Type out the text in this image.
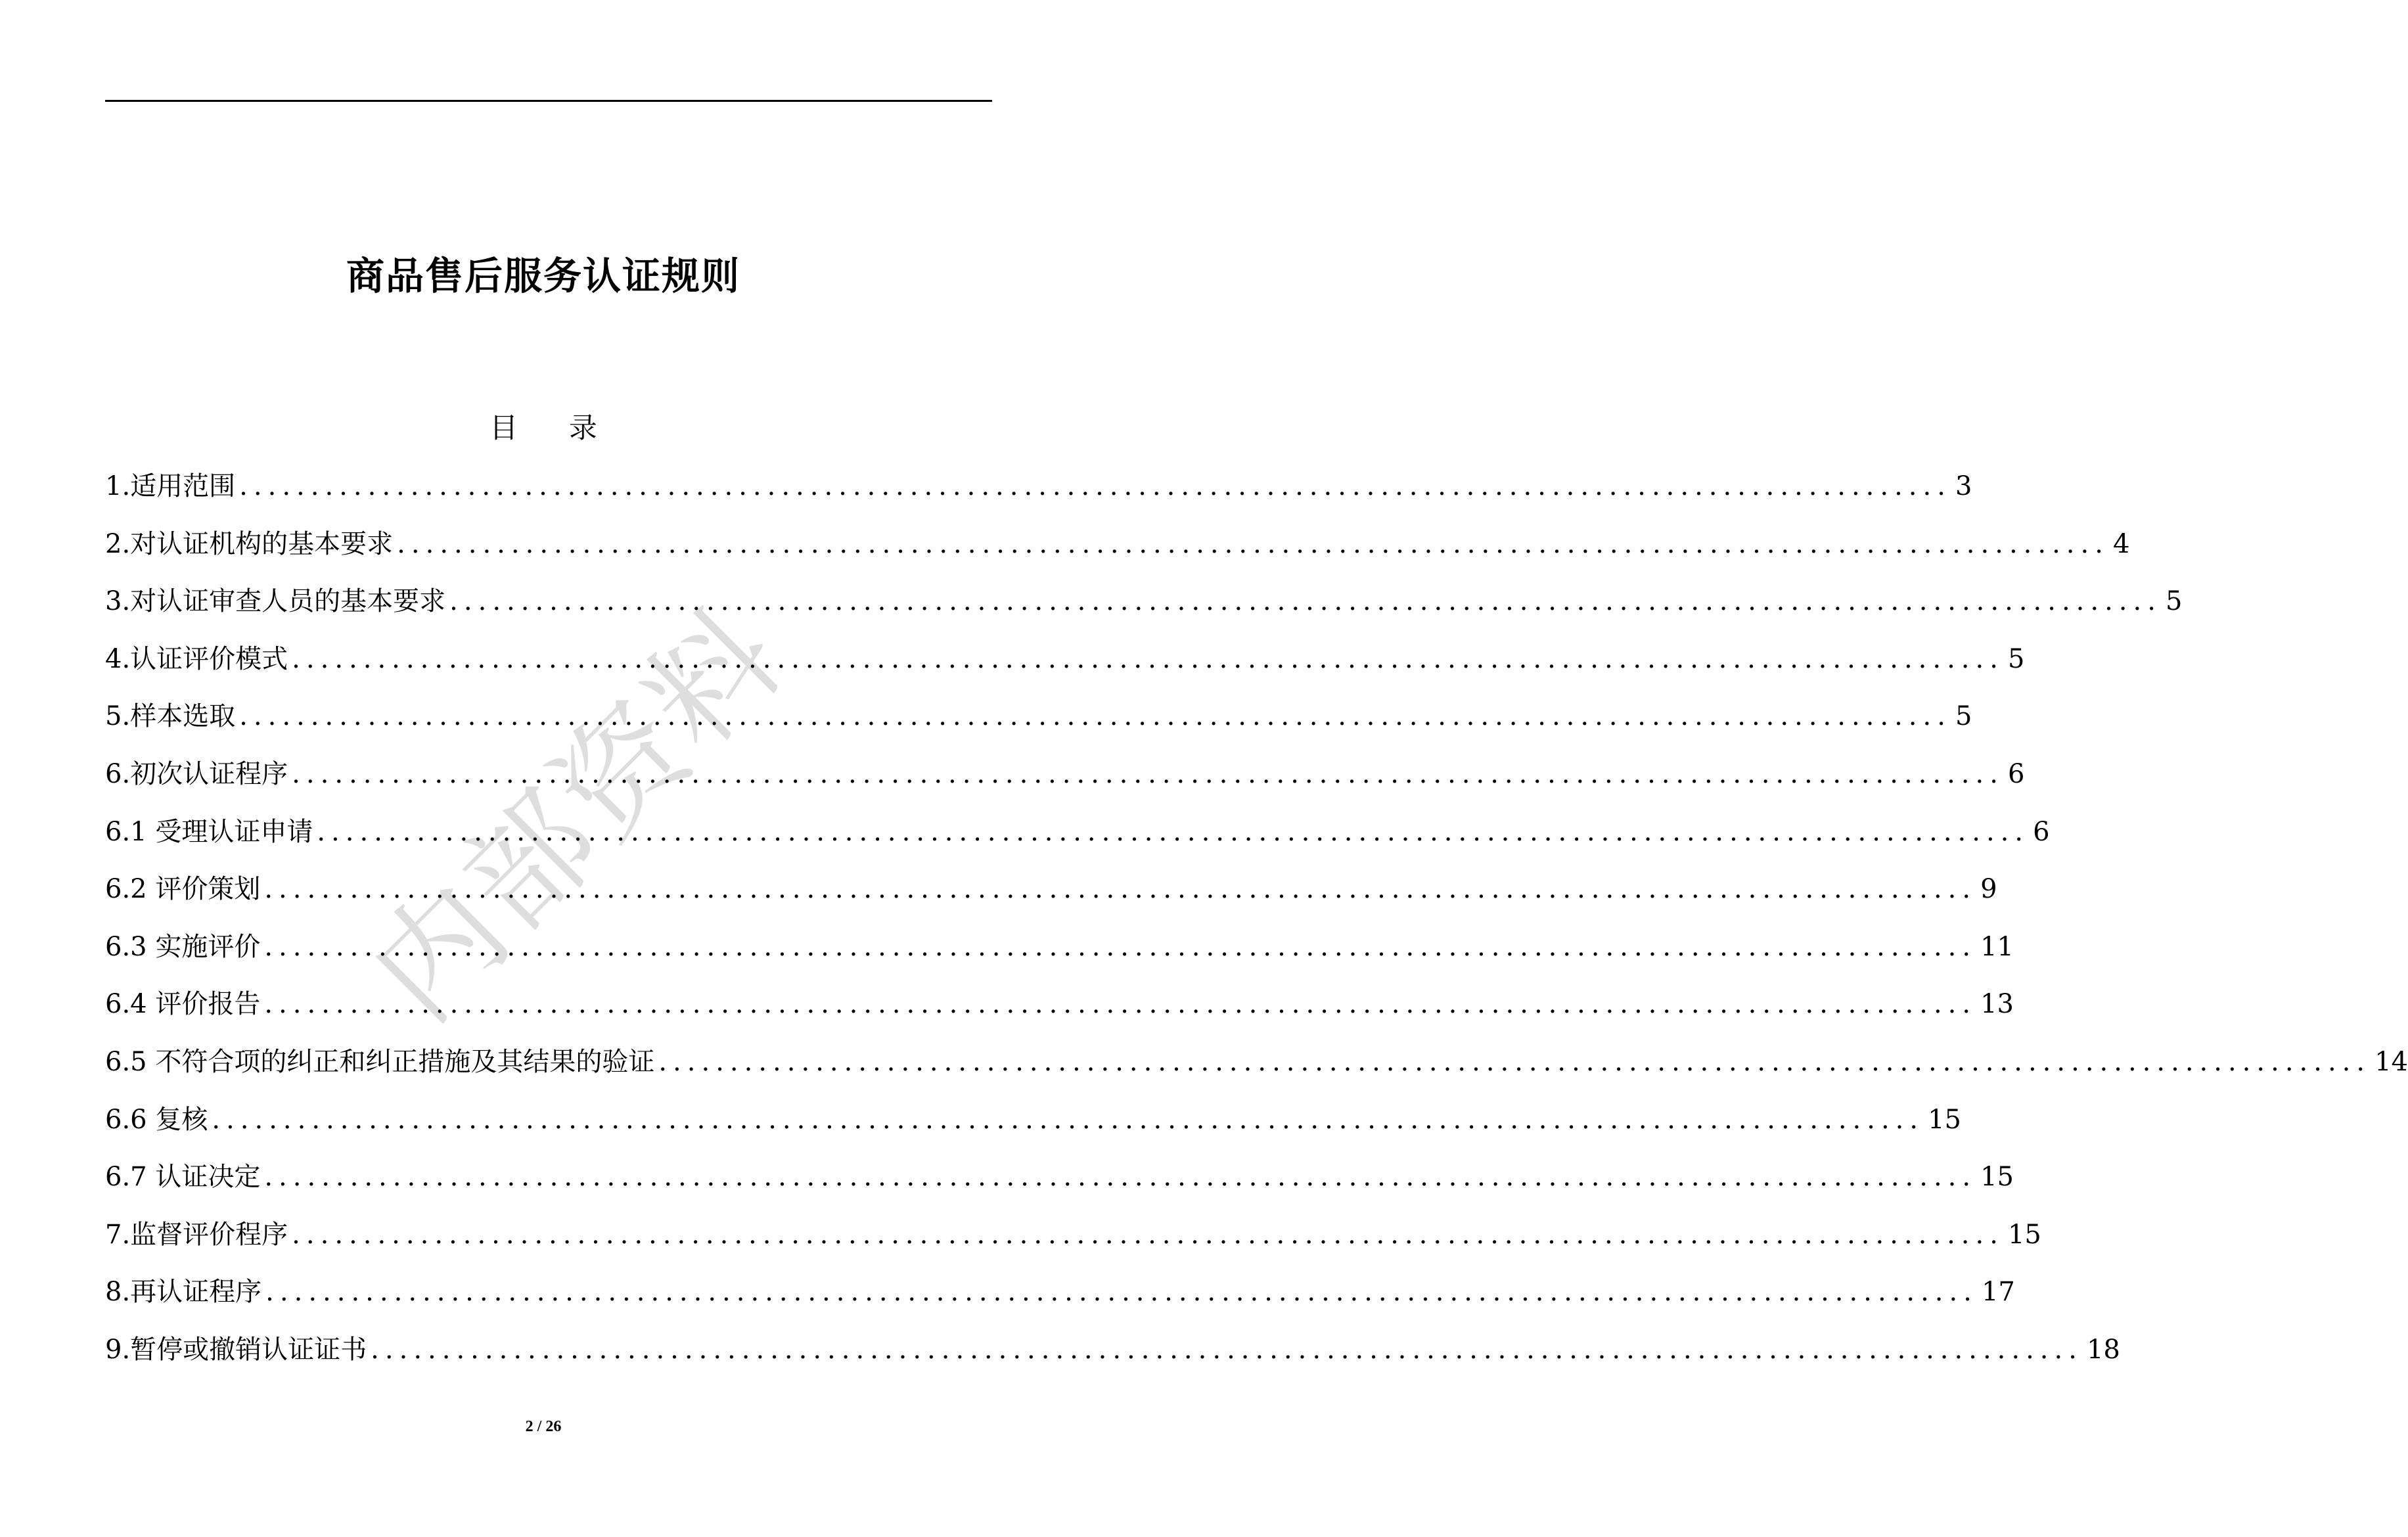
商品售后服务认证规则
目 录
1.适用范围 ........................................................................................................................ 3
2.对认证机构的基本要求 ........................................................................................................................ 4
3.对认证审查人员的基本要求 ........................................................................................................................ 5
4.认证评价模式 ........................................................................................................................ 5
5.样本选取 ........................................................................................................................ 5
6.初次认证程序 ........................................................................................................................ 6
6.1 受理认证申请 ........................................................................................................................ 6
6.2 评价策划 ........................................................................................................................ 9
6.3 实施评价 ........................................................................................................................ 11
6.4 评价报告 ........................................................................................................................ 13
6.5 不符合项的纠正和纠正措施及其结果的验证 ........................................................................................................................ 14
6.6 复核 ........................................................................................................................ 15
6.7 认证决定 ........................................................................................................................ 15
7.监督评价程序 ........................................................................................................................ 15
8.再认证程序 ........................................................................................................................ 17
9.暂停或撤销认证证书 ........................................................................................................................ 18
内部资料
2 / 26
